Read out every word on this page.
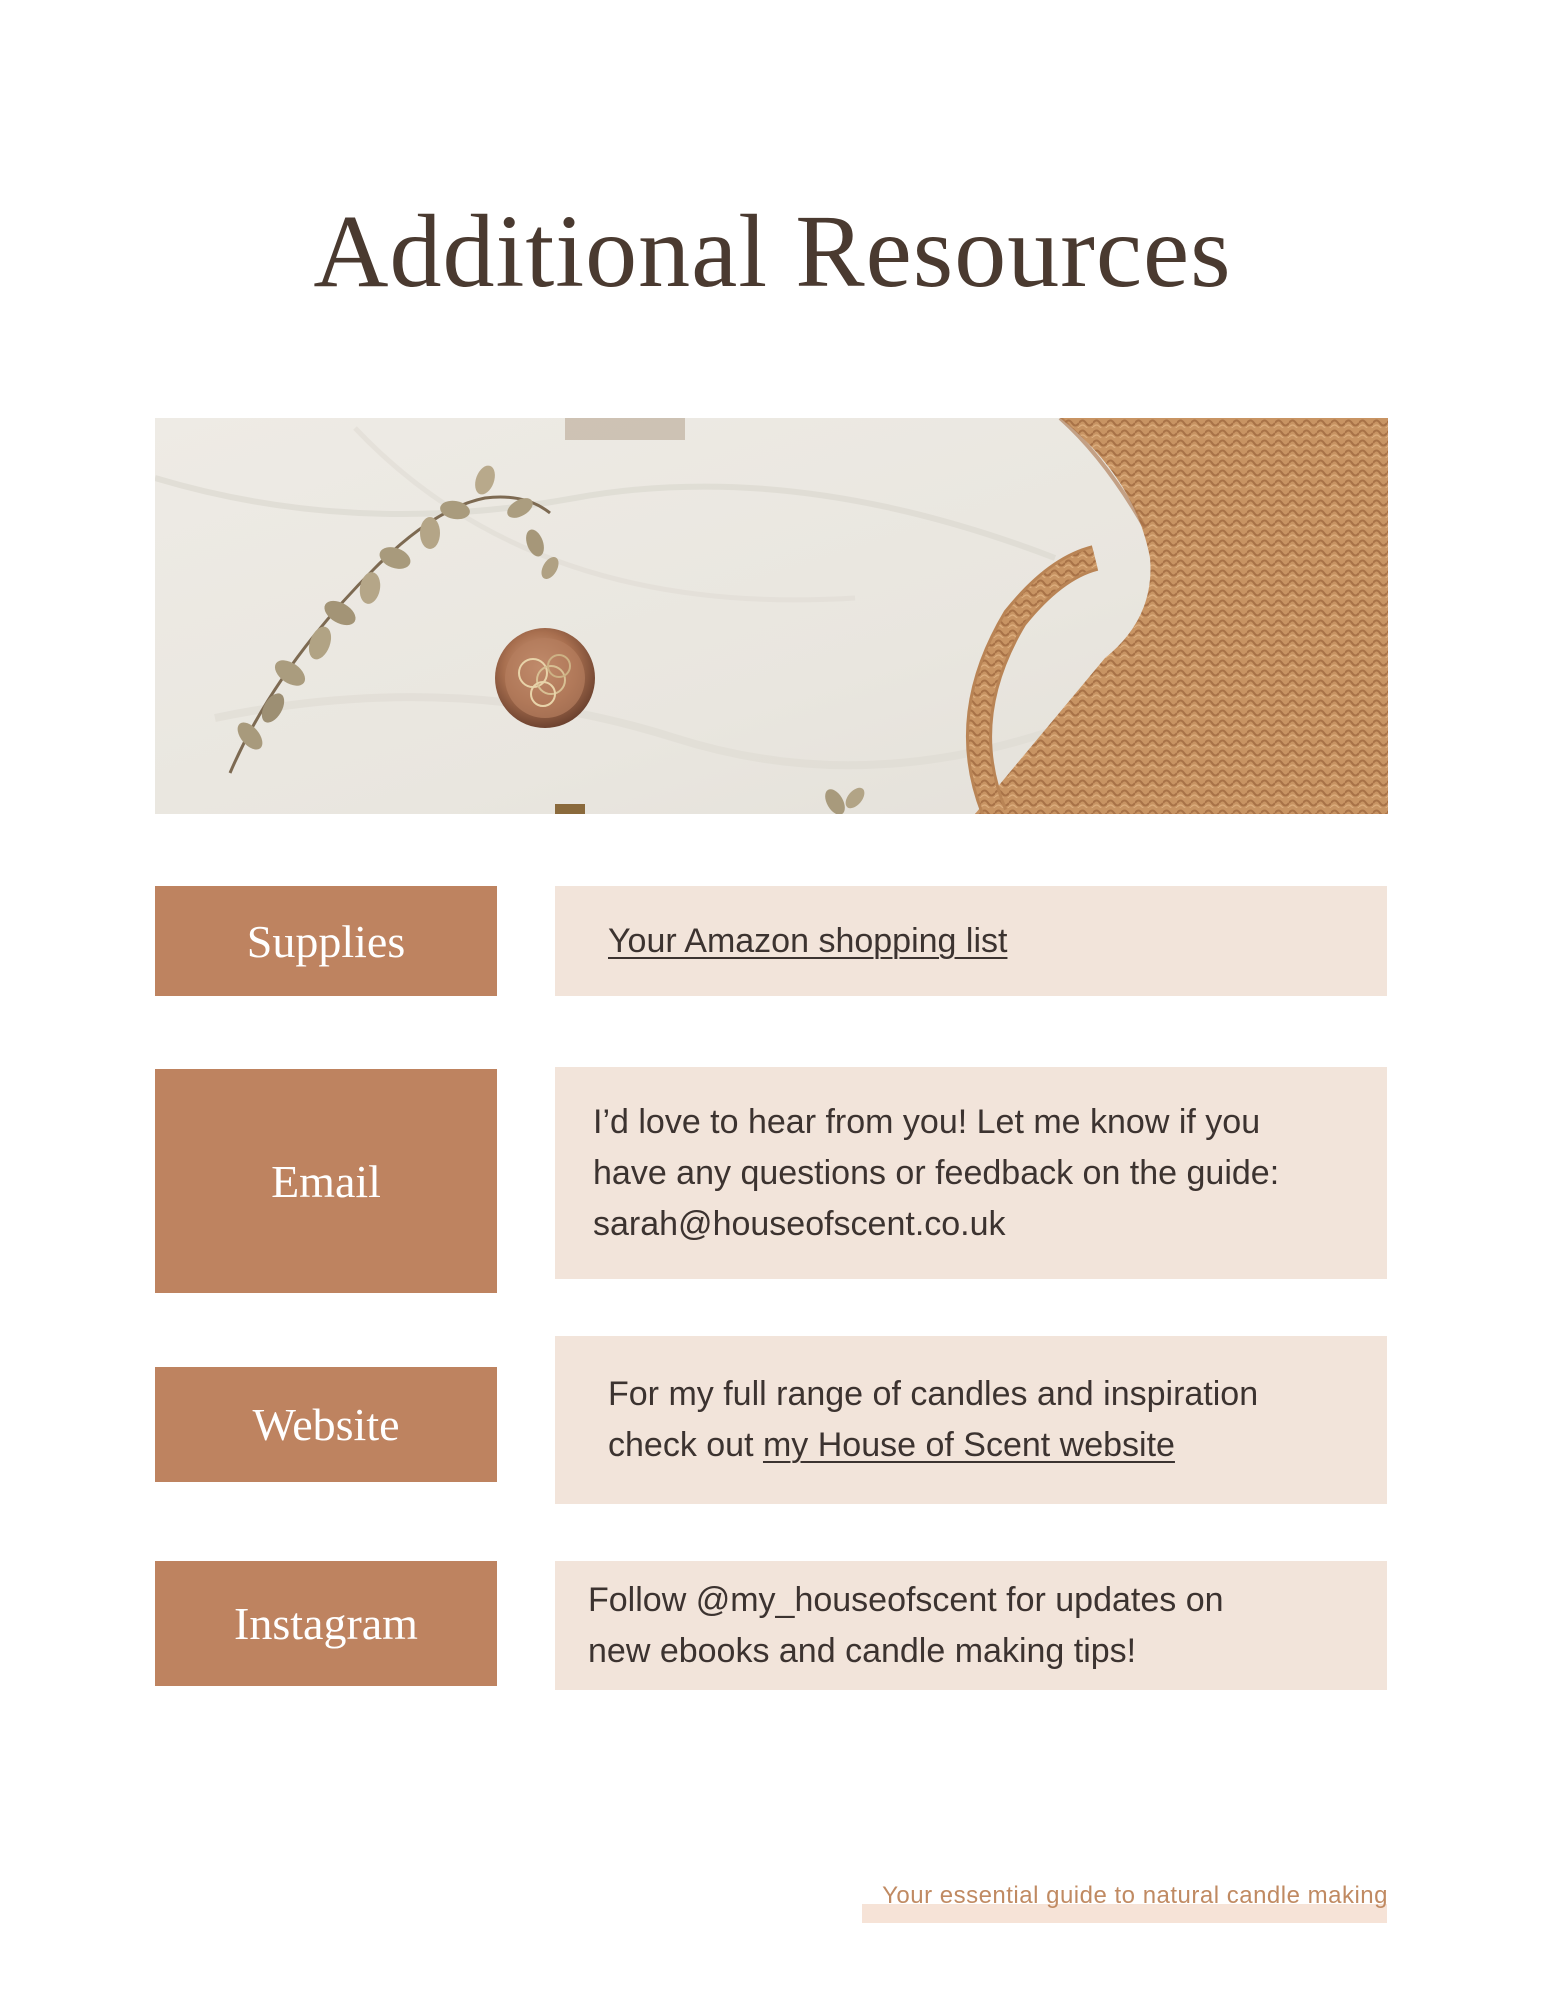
Additional Resources
Supplies	Your Amazon shopping list
Email
I’d love to hear from you! Let me know if you
have any questions or feedback on the guide:
sarah@houseofscent.co.uk
Website
For my full range of candles and inspiration
check out my House of Scent website
Instagram	Follow @my_houseofscent for updates on
new ebooks and candle making tips!
Your essential guide to natural candle making
